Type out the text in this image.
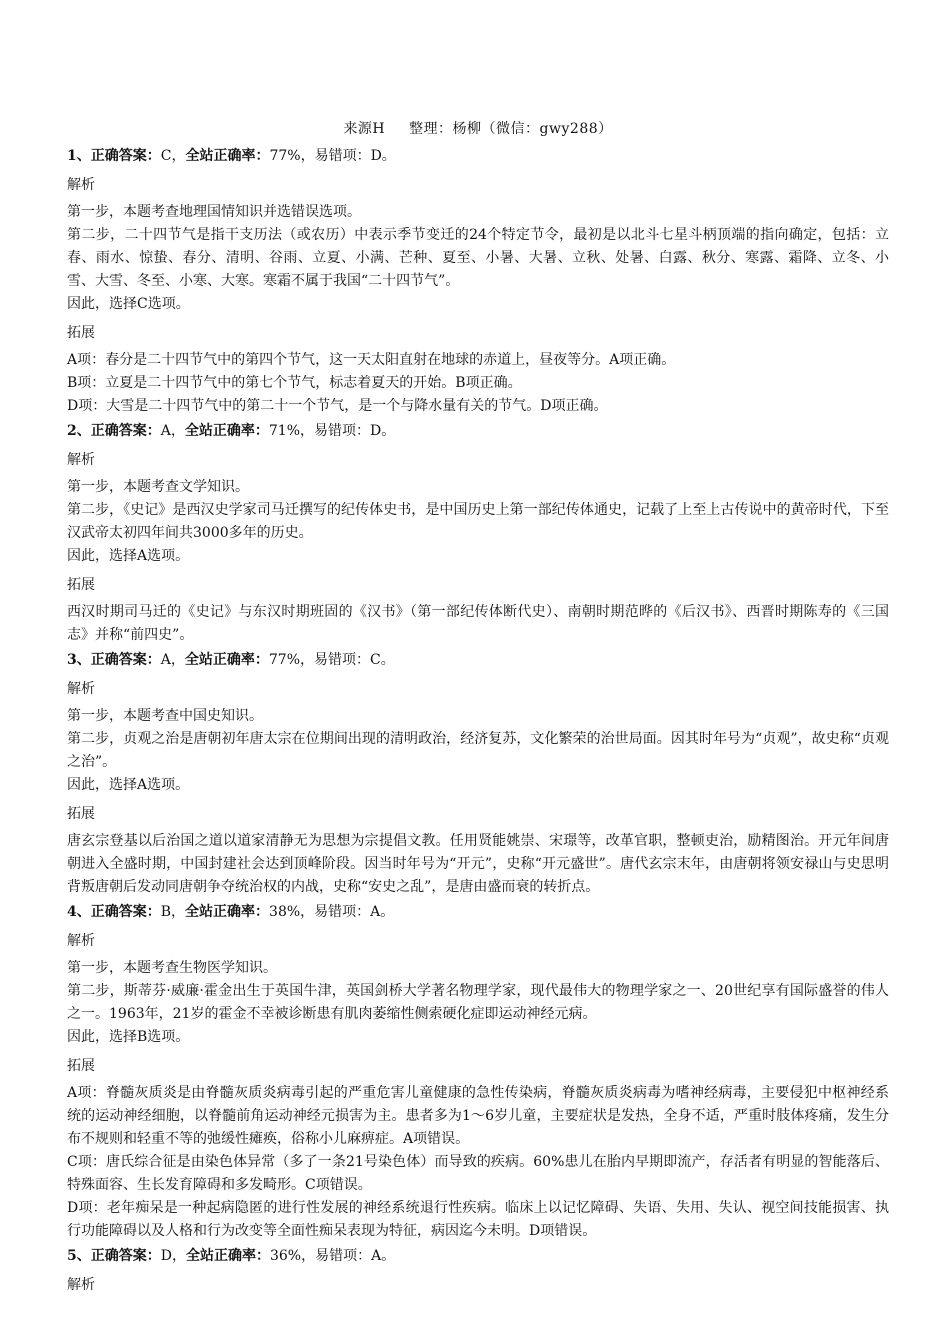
来源H 整理：杨柳（微信：gwy288）
1、正确答案：C，全站正确率：77%，易错项：D。
解析

第一步，本题考查地理国情知识并选错误选项。

第二步，二十四节气是指干支历法（或农历）中表示季节变迁的24个特定节令，最初是以北斗七星斗柄顶端的指向确定，包括：立春、雨水、惊蛰、春分、清明、谷雨、立夏、小满、芒种、夏至、小暑、大暑、立秋、处暑、白露、秋分、寒露、霜降、立冬、小雪、大雪、冬至、小寒、大寒。寒霜不属于我国“二十四节气”。

因此，选择C选项。

拓展

A项：春分是二十四节气中的第四个节气，这一天太阳直射在地球的赤道上，昼夜等分。A项正确。

B项：立夏是二十四节气中的第七个节气，标志着夏天的开始。B项正确。

D项：大雪是二十四节气中的第二十一个节气，是一个与降水量有关的节气。D项正确。

2、正确答案：A，全站正确率：71%，易错项：D。
解析

第一步，本题考查文学知识。

第二步，《史记》是西汉史学家司马迁撰写的纪传体史书，是中国历史上第一部纪传体通史，记载了上至上古传说中的黄帝时代，下至汉武帝太初四年间共3000多年的历史。

因此，选择A选项。

拓展

西汉时期司马迁的《史记》与东汉时期班固的《汉书》（第一部纪传体断代史）、南朝时期范晔的《后汉书》、西晋时期陈寿的《三国志》并称“前四史”。

3、正确答案：A，全站正确率：77%，易错项：C。
解析

第一步，本题考查中国史知识。

第二步，贞观之治是唐朝初年唐太宗在位期间出现的清明政治，经济复苏，文化繁荣的治世局面。因其时年号为“贞观”，故史称“贞观之治”。

因此，选择A选项。

拓展

唐玄宗登基以后治国之道以道家清静无为思想为宗提倡文教。任用贤能姚崇、宋璟等，改革官职，整顿吏治，励精图治。开元年间唐朝进入全盛时期，中国封建社会达到顶峰阶段。因当时年号为“开元”，史称“开元盛世”。唐代玄宗末年，由唐朝将领安禄山与史思明背叛唐朝后发动同唐朝争夺统治权的内战，史称“安史之乱”，是唐由盛而衰的转折点。

4、正确答案：B，全站正确率：38%，易错项：A。
解析

第一步，本题考查生物医学知识。

第二步，斯蒂芬·威廉·霍金出生于英国牛津，英国剑桥大学著名物理学家，现代最伟大的物理学家之一、20世纪享有国际盛誉的伟人之一。1963年，21岁的霍金不幸被诊断患有肌肉萎缩性侧索硬化症即运动神经元病。

因此，选择B选项。

拓展

A项：脊髓灰质炎是由脊髓灰质炎病毒引起的严重危害儿童健康的急性传染病，脊髓灰质炎病毒为嗜神经病毒，主要侵犯中枢神经系统的运动神经细胞，以脊髓前角运动神经元损害为主。患者多为1～6岁儿童，主要症状是发热，全身不适，严重时肢体疼痛，发生分布不规则和轻重不等的弛缓性瘫痪，俗称小儿麻痹症。A项错误。

C项：唐氏综合征是由染色体异常（多了一条21号染色体）而导致的疾病。60%患儿在胎内早期即流产，存活者有明显的智能落后、特殊面容、生长发育障碍和多发畸形。C项错误。

D项：老年痴呆是一种起病隐匿的进行性发展的神经系统退行性疾病。临床上以记忆障碍、失语、失用、失认、视空间技能损害、执行功能障碍以及人格和行为改变等全面性痴呆表现为特征，病因迄今未明。D项错误。

5、正确答案：D，全站正确率：36%，易错项：A。
解析
